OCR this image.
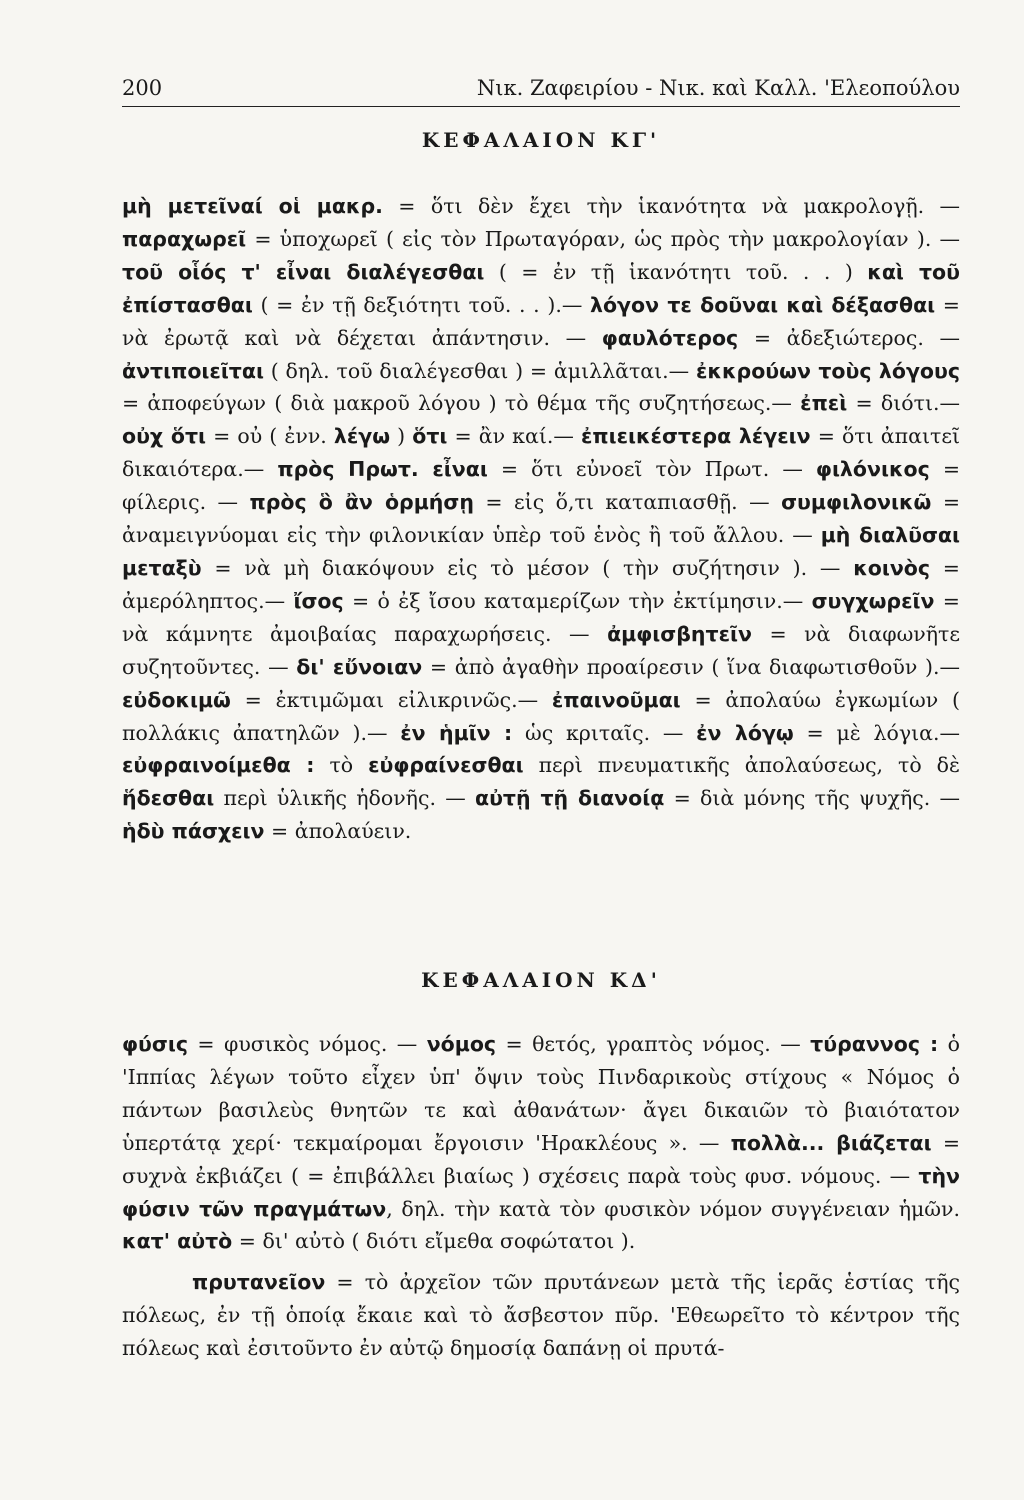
200	Νικ. Ζαφειρίου - Νικ. καὶ Καλλ. 'Ελεοπούλου
ΚΕΦΑΛΑΙΟΝ ΚΓ'

μὴ μετεῖναί οἱ μακρ. = ὅτι δὲν ἔχει τὴν ἱκανότητα νὰ μακρολογῇ. — παραχωρεῖ = ὑποχωρεῖ ( εἰς τὸν Πρωταγόραν, ὡς πρὸς τὴν μακρολογίαν ). — τοῦ οἷός τ' εἶναι διαλέγεσθαι ( = ἐν τῇ ἱκανότητι τοῦ. . . ) καὶ τοῦ ἐπίστασθαι ( = ἐν τῇ δεξιότητι τοῦ. . . ).— λόγον τε δοῦναι καὶ δέξασθαι = νὰ ἐρωτᾷ καὶ νὰ δέχεται ἀπάντησιν. — φαυλότερος = ἀδεξιώτερος. — ἀντιποιεῖται ( δηλ. τοῦ διαλέγεσθαι ) = ἁμιλλᾶται.— ἐκκρούων τοὺς λόγους = ἀποφεύγων ( διὰ μακροῦ λόγου ) τὸ θέμα τῆς συζητήσεως.— ἐπεὶ = διότι.— οὐχ ὅτι = οὐ ( ἐνν. λέγω ) ὅτι = ἂν καί.— ἐπιεικέστερα λέγειν = ὅτι ἀπαιτεῖ δικαιότερα.— πρὸς Πρωτ. εἶναι = ὅτι εὐνοεῖ τὸν Πρωτ. — φιλόνικος = φίλερις. — πρὸς ὃ ἂν ὁρμήσῃ = εἰς ὅ,τι καταπιασθῇ. — συμφιλονικῶ = ἀναμειγνύομαι εἰς τὴν φιλονικίαν ὑπὲρ τοῦ ἑνὸς ἢ τοῦ ἄλλου. — μὴ διαλῦσαι μεταξὺ = νὰ μὴ διακόψουν εἰς τὸ μέσον ( τὴν συζήτησιν ). — κοινὸς = ἀμερόληπτος.— ἴσος = ὁ ἐξ ἴσου καταμερίζων τὴν ἐκτίμησιν.— συγχωρεῖν = νὰ κάμνητε ἀμοιβαίας παραχωρήσεις. — ἀμφισβητεῖν = νὰ διαφωνῆτε συζητοῦντες. — δι' εὔνοιαν = ἀπὸ ἀγαθὴν προαίρεσιν ( ἵνα διαφωτισθοῦν ).— εὐδοκιμῶ = ἐκτιμῶμαι εἰλικρινῶς.— ἐπαινοῦμαι = ἀπολαύω ἐγκωμίων ( πολλάκις ἀπατηλῶν ).— ἐν ἡμῖν : ὡς κριταῖς. — ἐν λόγῳ = μὲ λόγια.— εὐφραινοίμεθα : τὸ εὐφραίνεσθαι περὶ πνευματικῆς ἀπολαύσεως, τὸ δὲ ἥδεσθαι περὶ ὑλικῆς ἡδονῆς. — αὐτῇ τῇ διανοίᾳ = διὰ μόνης τῆς ψυχῆς. — ἡδὺ πάσχειν = ἀπολαύειν.

ΚΕΦΑΛΑΙΟΝ ΚΔ'

φύσις = φυσικὸς νόμος. — νόμος = θετός, γραπτὸς νόμος. — τύραννος : ὁ 'Ιππίας λέγων τοῦτο εἶχεν ὑπ' ὄψιν τοὺς Πινδαρικοὺς στίχους « Νόμος ὁ πάντων βασιλεὺς θνητῶν τε καὶ ἀθανάτων· ἄγει δικαιῶν τὸ βιαιότατον ὑπερτάτᾳ χερί· τεκμαίρομαι ἔργοισιν 'Ηρακλέους ». — πολλὰ... βιάζεται = συχνὰ ἐκβιάζει ( = ἐπιβάλλει βιαίως ) σχέσεις παρὰ τοὺς φυσ. νόμους. — τὴν φύσιν τῶν πραγμάτων, δηλ. τὴν κατὰ τὸν φυσικὸν νόμον συγγένειαν ἡμῶν. κατ' αὐτὸ = δι' αὐτὸ ( διότι εἴμεθα σοφώτατοι ).

πρυτανεῖον = τὸ ἀρχεῖον τῶν πρυτάνεων μετὰ τῆς ἱερᾶς ἑστίας τῆς πόλεως, ἐν τῇ ὁποίᾳ ἔκαιε καὶ τὸ ἄσβεστον πῦρ. 'Εθεωρεῖτο τὸ κέντρον τῆς πόλεως καὶ ἐσιτοῦντο ἐν αὐτῷ δημοσίᾳ δαπάνῃ οἱ πρυτά-
